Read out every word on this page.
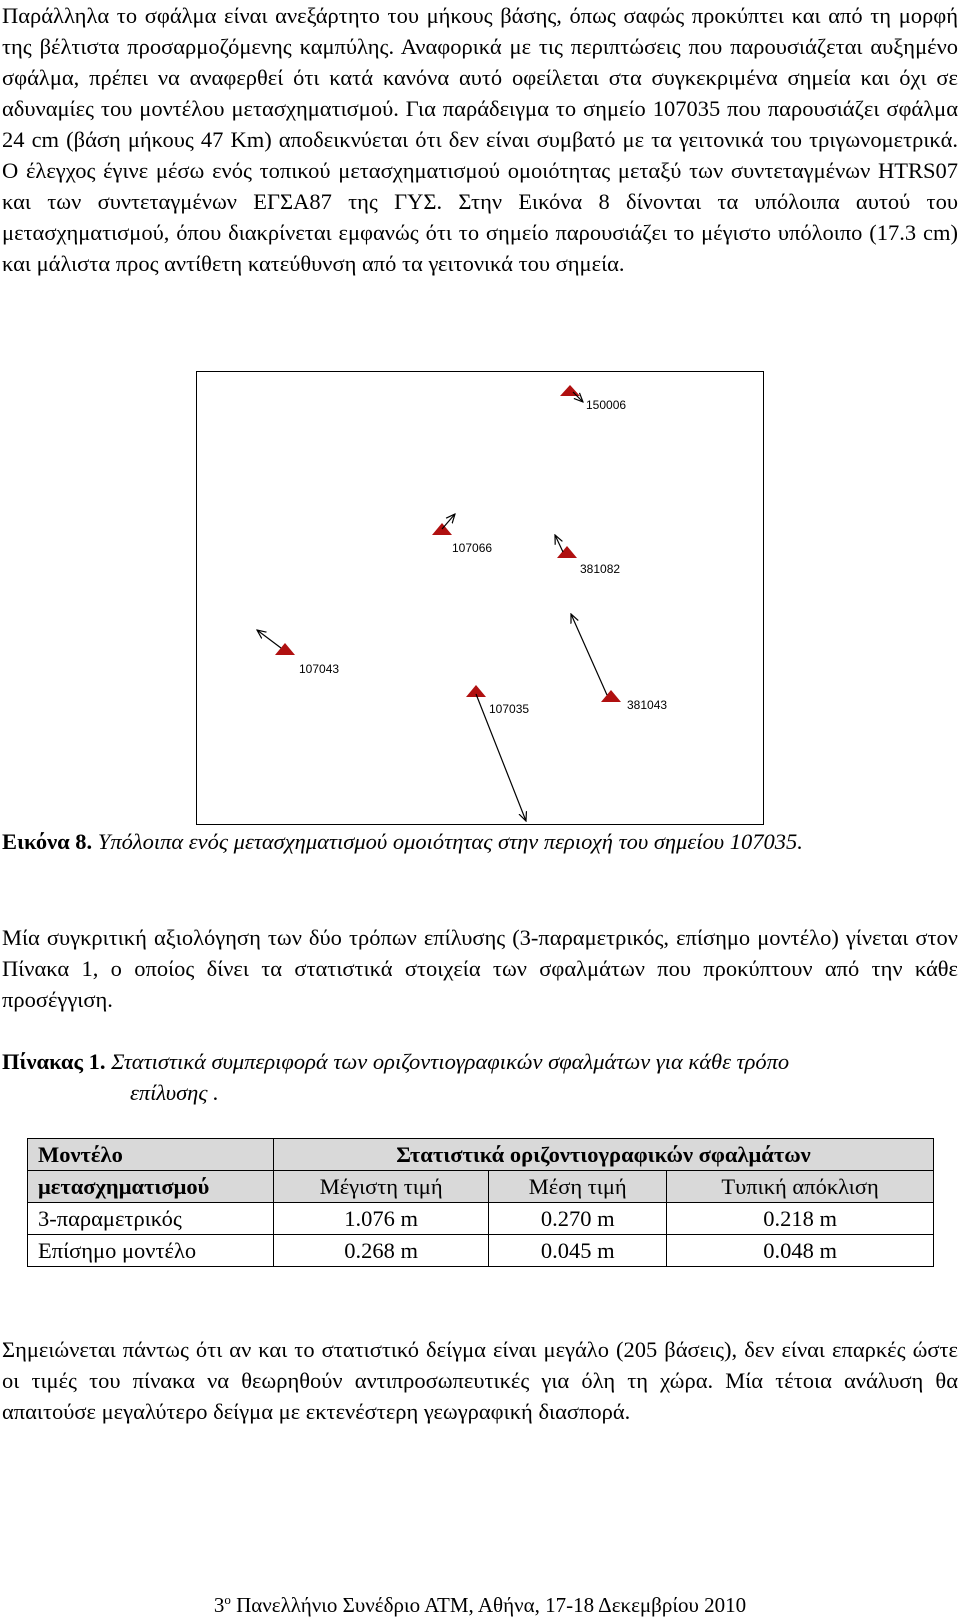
Παράλληλα το σφάλμα είναι ανεξάρτητο του μήκους βάσης, όπως σαφώς προκύπτει και από τη μορφή της βέλτιστα προσαρμοζόμενης καμπύλης. Αναφορικά με τις περιπτώσεις που παρουσιάζεται αυξημένο σφάλμα, πρέπει να αναφερθεί ότι κατά κανόνα αυτό οφείλεται στα συγκεκριμένα σημεία και όχι σε αδυναμίες του μοντέλου μετασχηματισμού. Για παράδειγμα το σημείο 107035 που παρουσιάζει σφάλμα 24 cm (βάση μήκους 47 Km) αποδεικνύεται ότι δεν είναι συμβατό με τα γειτονικά του τριγωνομετρικά. Ο έλεγχος έγινε μέσω ενός τοπικού μετασχηματισμού ομοιότητας μεταξύ των συντεταγμένων HTRS07 και των συντεταγμένων ΕΓΣΑ87 της ΓΥΣ. Στην Εικόνα 8 δίνονται τα υπόλοιπα αυτού του μετασχηματισμού, όπου διακρίνεται εμφανώς ότι το σημείο παρουσιάζει το μέγιστο υπόλοιπο (17.3 cm) και μάλιστα προς αντίθετη κατεύθυνση από τα γειτονικά του σημεία.

150006
107066
381082
107043
107035	381043
Εικόνα 8. Υπόλοιπα ενός μετασχηματισμού ομοιότητας στην περιοχή του σημείου 107035.

Μία συγκριτική αξιολόγηση των δύο τρόπων επίλυσης (3-παραμετρικός, επίσημο μοντέλο) γίνεται στον Πίνακα 1, ο οποίος δίνει τα στατιστικά στοιχεία των σφαλμάτων που προκύπτουν από την κάθε προσέγγιση.

Πίνακας 1. Στατιστικά συμπεριφορά των οριζοντιογραφικών σφαλμάτων για κάθε τρόπο
επίλυσης .
Μοντέλο	Στατιστικά οριζοντιογραφικών σφαλμάτων		
μετασχηματισμού	Μέγιστη τιμή	Μέση τιμή	Τυπική απόκλιση
3-παραμετρικός	1.076 m	0.270 m	0.218 m
Επίσημο μοντέλο	0.268 m	0.045 m	0.048 m

Σημειώνεται πάντως ότι αν και το στατιστικό δείγμα είναι μεγάλο (205 βάσεις), δεν είναι επαρκές ώστε οι τιμές του πίνακα να θεωρηθούν αντιπροσωπευτικές για όλη τη χώρα. Μία τέτοια ανάλυση θα απαιτούσε μεγαλύτερο δείγμα με εκτενέστερη γεωγραφική διασπορά.

$3^o$ Πανελλήνιο Συνέδριο ΑΤΜ, Αθήνα, 17-18 Δεκεμβρίου 2010
